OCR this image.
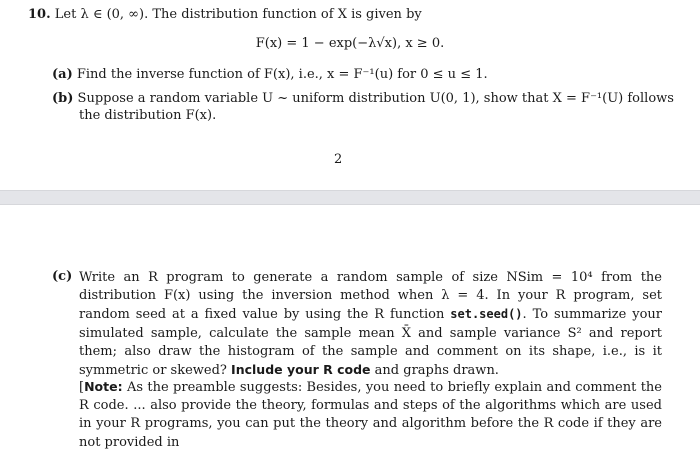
10. Let λ ∈ (0, ∞). The distribution function of X is given by
F(x) = 1 − exp(−λ√x), x ≥ 0.
(a) Find the inverse function of F(x), i.e., x = F⁻¹(u) for 0 ≤ u ≤ 1.
(b) Suppose a random variable U ~ uniform distribution U(0, 1), show that X = F⁻¹(U) follows
the distribution F(x).
2
(c) Write an R program to generate a random sample of size NSim = 10⁴ from the distribution F(x) using the inversion method when λ = 4. In your R program, set random seed at a fixed value by using the R function set.seed(). To summarize your simulated sample, calculate the sample mean X̄ and sample variance S² and report them; also draw the histogram of the sample and comment on its shape, i.e., is it symmetric or skewed? Include your R code and graphs drawn.
[Note: As the preamble suggests: Besides, you need to briefly explain and comment the R code. ... also provide the theory, formulas and steps of the algorithms which are used in your R programs, you can put the theory and algorithm before the R code if they are not provided in
